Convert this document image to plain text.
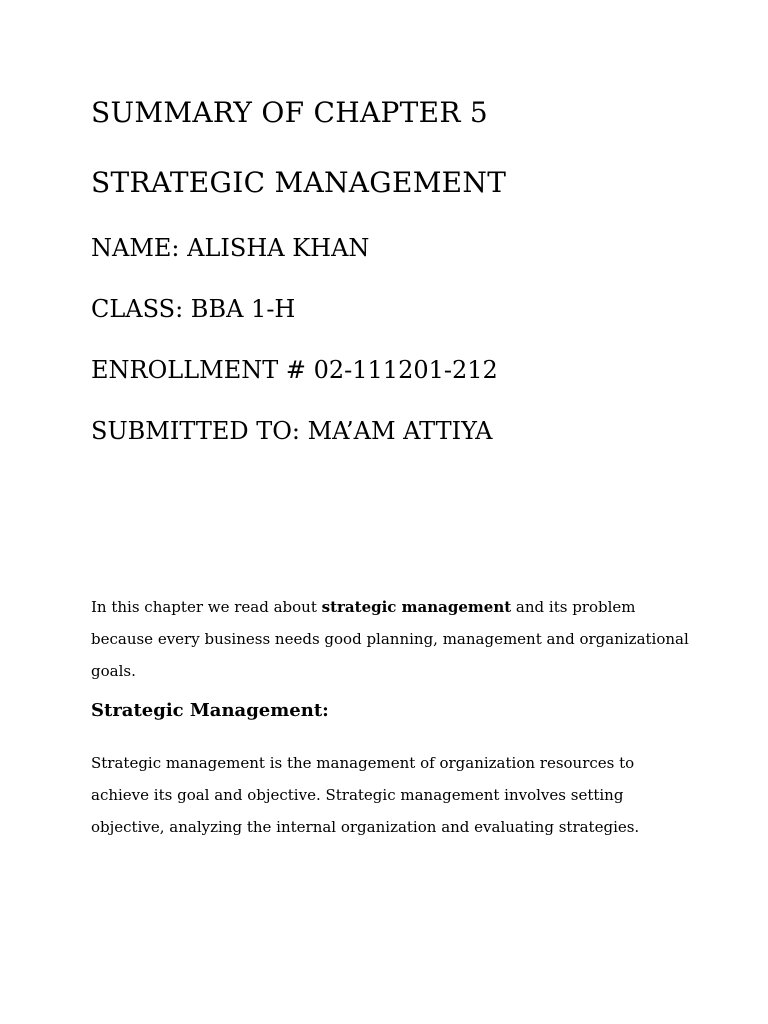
SUMMARY OF CHAPTER 5
STRATEGIC MANAGEMENT

NAME: ALISHA KHAN

CLASS: BBA 1-H

ENROLLMENT # 02-111201-212

SUBMITTED TO: MA’AM ATTIYA

In this chapter we read about strategic management and its problem because every business needs good planning, management and organizational goals.

Strategic Management:

Strategic management is the management of organization resources to achieve its goal and objective. Strategic management involves setting objective, analyzing the internal organization and evaluating strategies.
